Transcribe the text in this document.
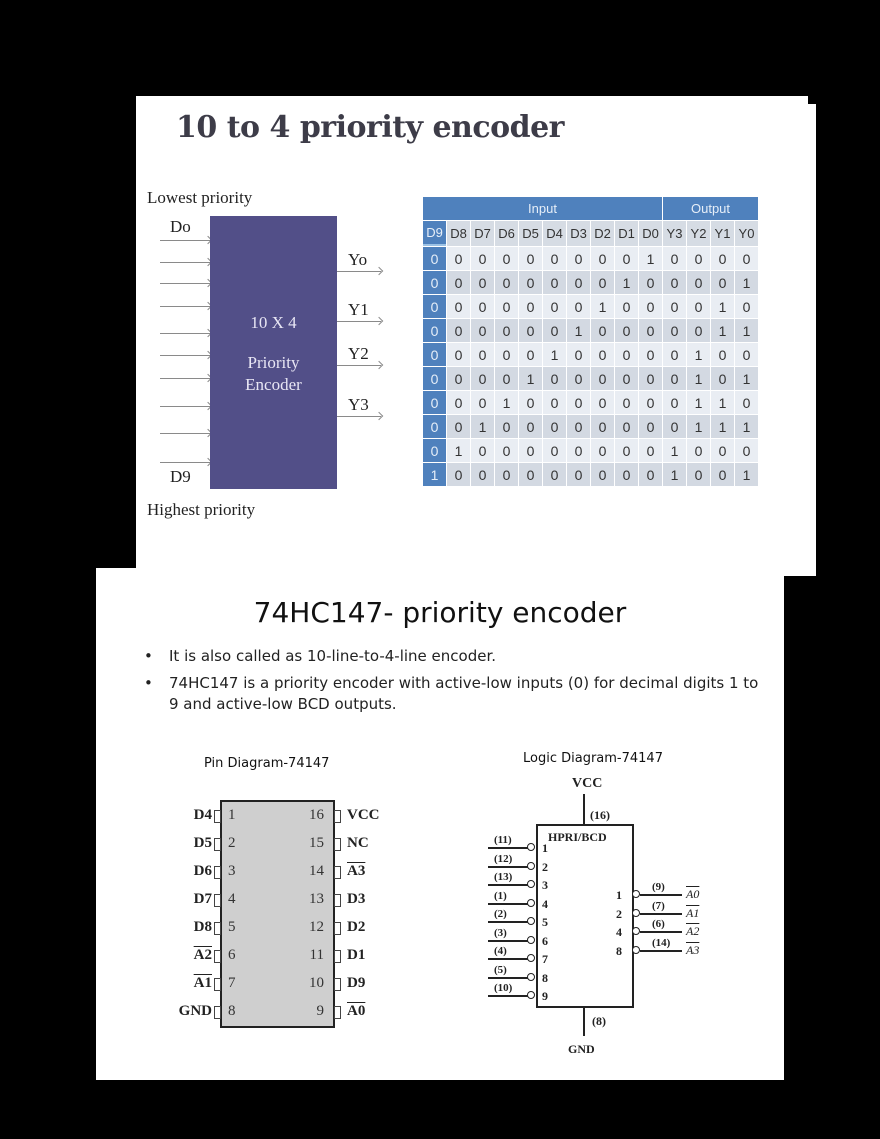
10 to 4 priority encoder
Lowest priority
Do
D9
Highest priority
10 X 4
Priority
Encoder
Yo
Y1
Y2
Y3
Input										Output			
D9	D8	D7	D6	D5	D4	D3	D2	D1	D0	Y3	Y2	Y1	Y0
0	0	0	0	0	0	0	0	0	1	0	0	0	0
0	0	0	0	0	0	0	0	1	0	0	0	0	1
0	0	0	0	0	0	0	1	0	0	0	0	1	0
0	0	0	0	0	0	1	0	0	0	0	0	1	1
0	0	0	0	0	1	0	0	0	0	0	1	0	0
0	0	0	0	1	0	0	0	0	0	0	1	0	1
0	0	0	1	0	0	0	0	0	0	0	1	1	0
0	0	1	0	0	0	0	0	0	0	0	1	1	1
0	1	0	0	0	0	0	0	0	0	1	0	0	0
1	0	0	0	0	0	0	0	0	0	1	0	0	1
74HC147- priority encoder
• It is also called as 10-line-to-4-line encoder.
• 74HC147 is a priority encoder with active-low inputs (0) for decimal digits 1 to 9 and active-low BCD outputs.
Pin Diagram-74147
D4 1
D5 2
D6 3
D7 4
D8 5
A2 6
A1 7
GND 8
16 VCC
15 NC
14 A3
13 D3
12 D2
11 D1
10 D9
9 A0
Logic Diagram-74147
VCC
(16)
HPRI/BCD
(8)
GND
(11)
1
(12)
2
(13)
3
(1)
4
(2)
5
(3)
6
(4)
7
(5)
8
(10)
9
1
(9) A0
2
(7) A1
4
(6) A2
8
(14) A3
